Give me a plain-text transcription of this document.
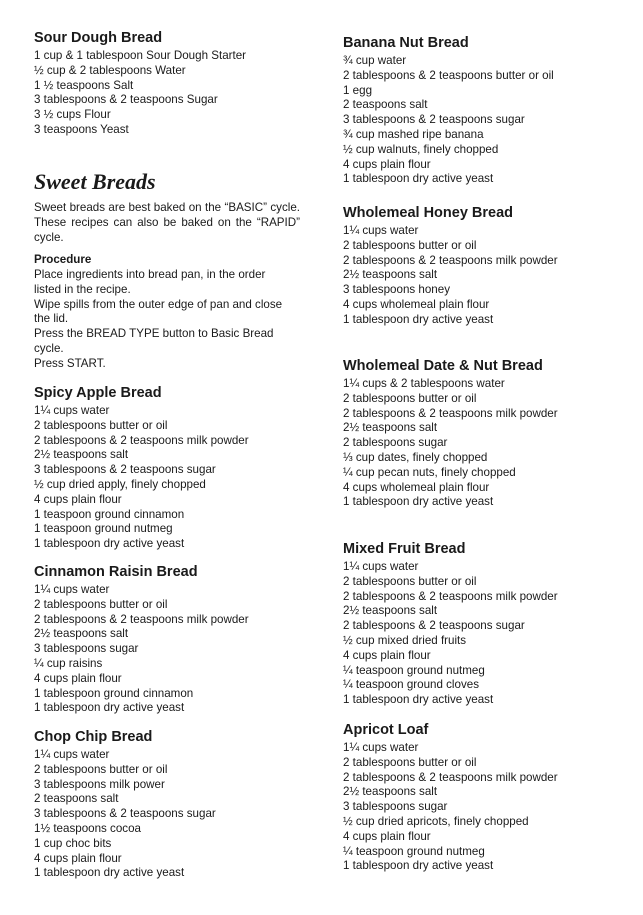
Sour Dough Bread
1 cup & 1 tablespoon Sour Dough Starter
½ cup & 2 tablespoons Water
1 ½ teaspoons Salt
3 tablespoons & 2 teaspoons Sugar
3 ½ cups Flour
3 teaspoons Yeast
Sweet Breads

Sweet breads are best baked on the “BASIC” cycle. These recipes can also be baked on the “RAPID” cycle.

Procedure

Place ingredients into bread pan, in the order listed in the recipe.

Wipe spills from the outer edge of pan and close the lid.

Press the BREAD TYPE button to Basic Bread cycle.

Press START.

Spicy Apple Bread
1¼ cups water
2 tablespoons butter or oil
2 tablespoons & 2 teaspoons milk powder
2½ teaspoons salt
3 tablespoons & 2 teaspoons sugar
½ cup dried apply, finely chopped
4 cups plain flour
1 teaspoon ground cinnamon
1 teaspoon ground nutmeg
1 tablespoon dry active yeast
Cinnamon Raisin Bread
1¼ cups water
2 tablespoons butter or oil
2 tablespoons & 2 teaspoons milk powder
2½ teaspoons salt
3 tablespoons sugar
¼ cup raisins
4 cups plain flour
1 tablespoon ground cinnamon
1 tablespoon dry active yeast
Chop Chip Bread
1¼ cups water
2 tablespoons butter or oil
3 tablespoons milk power
2 teaspoons salt
3 tablespoons & 2 teaspoons sugar
1½ teaspoons cocoa
1 cup choc bits
4 cups plain flour
1 tablespoon dry active yeast
Banana Nut Bread
¾ cup water
2 tablespoons & 2 teaspoons butter or oil
1 egg
2 teaspoons salt
3 tablespoons & 2 teaspoons sugar
¾ cup mashed ripe banana
½ cup walnuts, finely chopped
4 cups plain flour
1 tablespoon dry active yeast
Wholemeal Honey Bread
1¼ cups water
2 tablespoons butter or oil
2 tablespoons & 2 teaspoons milk powder
2½ teaspoons salt
3 tablespoons honey
4 cups wholemeal plain flour
1 tablespoon dry active yeast
Wholemeal Date & Nut Bread
1¼ cups & 2 tablespoons water
2 tablespoons butter or oil
2 tablespoons & 2 teaspoons milk powder
2½ teaspoons salt
2 tablespoons sugar
⅓ cup dates, finely chopped
¼ cup pecan nuts, finely chopped
4 cups wholemeal plain flour
1 tablespoon dry active yeast
Mixed Fruit Bread
1¼ cups water
2 tablespoons butter or oil
2 tablespoons & 2 teaspoons milk powder
2½ teaspoons salt
2 tablespoons & 2 teaspoons sugar
½ cup mixed dried fruits
4 cups plain flour
¼ teaspoon ground nutmeg
¼ teaspoon ground cloves
1 tablespoon dry active yeast
Apricot Loaf
1¼ cups water
2 tablespoons butter or oil
2 tablespoons & 2 teaspoons milk powder
2½ teaspoons salt
3 tablespoons sugar
½ cup dried apricots, finely chopped
4 cups plain flour
¼ teaspoon ground nutmeg
1 tablespoon dry active yeast
